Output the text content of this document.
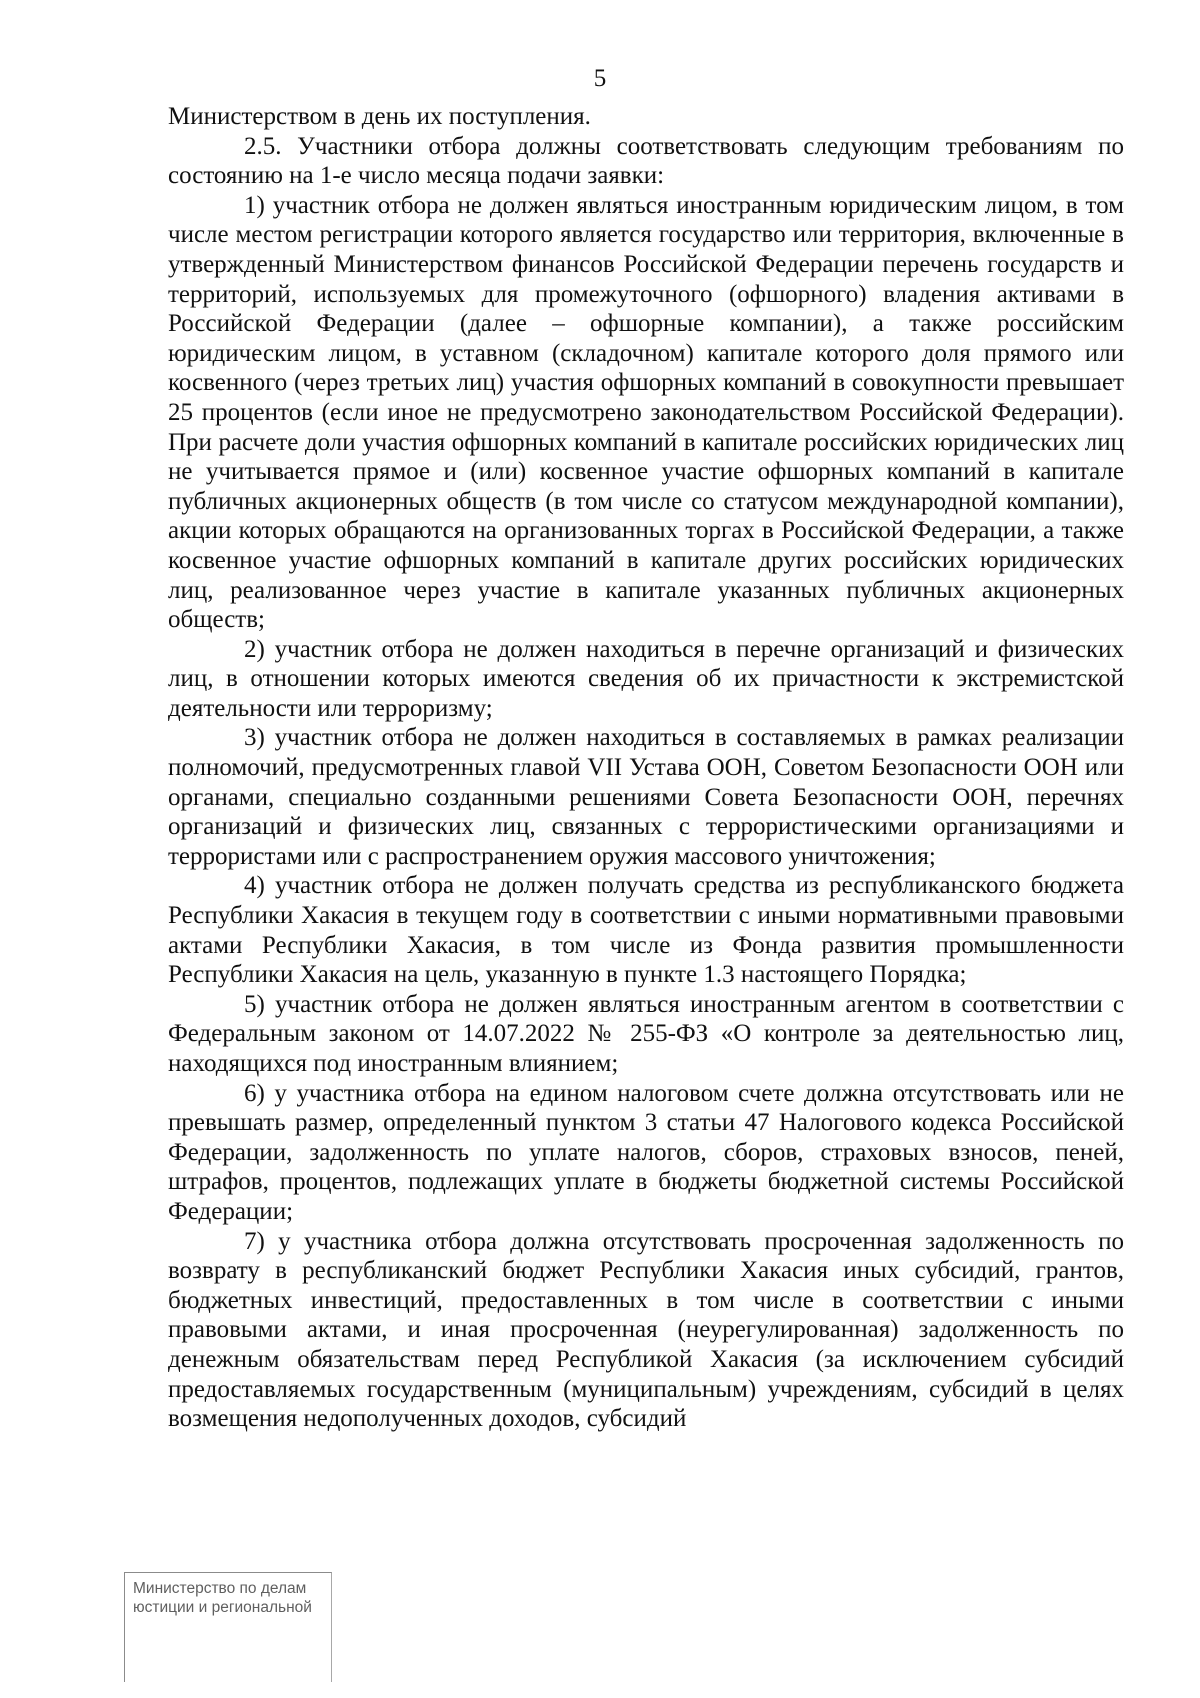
5

Министерством в день их поступления.

2.5. Участники отбора должны соответствовать следующим требованиям по состоянию на 1-е число месяца подачи заявки:

1) участник отбора не должен являться иностранным юридическим лицом, в том числе местом регистрации которого является государство или территория, включенные в утвержденный Министерством финансов Российской Федерации перечень государств и территорий, используемых для промежуточного (офшорного) владения активами в Российской Федерации (далее – офшорные компании), а также российским юридическим лицом, в уставном (складочном) капитале которого доля прямого или косвенного (через третьих лиц) участия офшорных компаний в совокупности превышает 25 процентов (если иное не предусмотрено законодательством Российской Федерации). При расчете доли участия офшорных компаний в капитале российских юридических лиц не учитывается прямое и (или) косвенное участие офшорных компаний в капитале публичных акционерных обществ (в том числе со статусом международной компании), акции которых обращаются на организованных торгах в Российской Федерации, а также косвенное участие офшорных компаний в капитале других российских юридических лиц, реализованное через участие в капитале указанных публичных акционерных обществ;

2) участник отбора не должен находиться в перечне организаций и физических лиц, в отношении которых имеются сведения об их причастности к экстремистской деятельности или терроризму;

3) участник отбора не должен находиться в составляемых в рамках реализации полномочий, предусмотренных главой VII Устава ООН, Советом Безопасности ООН или органами, специально созданными решениями Совета Безопасности ООН, перечнях организаций и физических лиц, связанных с террористическими организациями и террористами или с распространением оружия массового уничтожения;

4) участник отбора не должен получать средства из республиканского бюджета Республики Хакасия в текущем году в соответствии с иными нормативными правовыми актами Республики Хакасия, в том числе из Фонда развития промышленности Республики Хакасия на цель, указанную в пункте 1.3 настоящего Порядка;

5) участник отбора не должен являться иностранным агентом в соответствии с Федеральным законом от 14.07.2022 № 255-ФЗ «О контроле за деятельностью лиц, находящихся под иностранным влиянием;

6) у участника отбора на едином налоговом счете должна отсутствовать или не превышать размер, определенный пунктом 3 статьи 47 Налогового кодекса Российской Федерации, задолженность по уплате налогов, сборов, страховых взносов, пеней, штрафов, процентов, подлежащих уплате в бюджеты бюджетной системы Российской Федерации;

7) у участника отбора должна отсутствовать просроченная задолженность по возврату в республиканский бюджет Республики Хакасия иных субсидий, грантов, бюджетных инвестиций, предоставленных в том числе в соответствии с иными правовыми актами, и иная просроченная (неурегулированная) задолженность по денежным обязательствам перед Республикой Хакасия (за исключением субсидий предоставляемых государственным (муниципальным) учреждениям, субсидий в целях возмещения недополученных доходов, субсидий

Министерство по делам
юстиции и региональной
